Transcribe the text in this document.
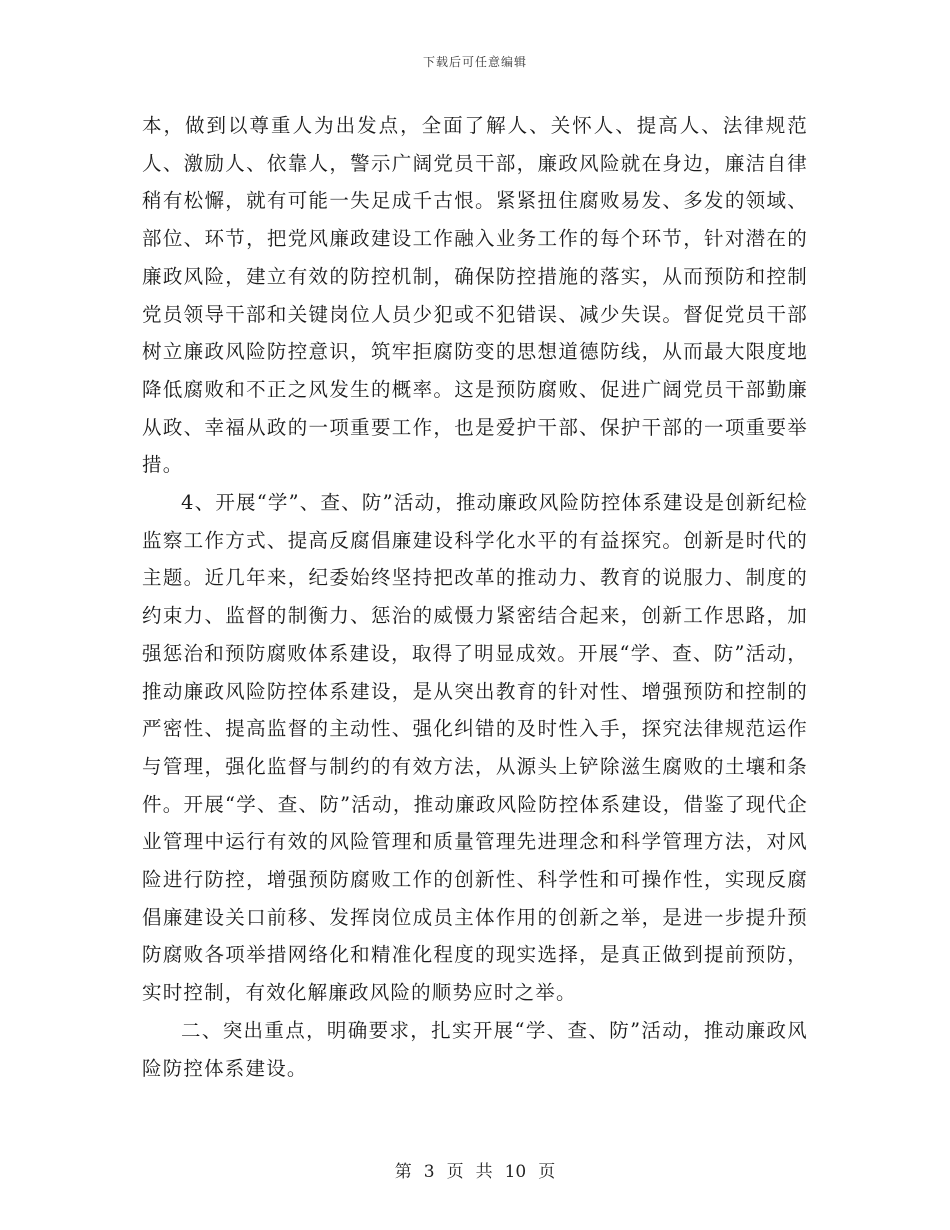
下载后可任意编辑

本，做到以尊重人为出发点，全面了解人、关怀人、提高人、法律规范人、激励人、依靠人，警示广阔党员干部，廉政风险就在身边，廉洁自律稍有松懈，就有可能一失足成千古恨。紧紧扭住腐败易发、多发的领域、部位、环节，把党风廉政建设工作融入业务工作的每个环节，针对潜在的廉政风险，建立有效的防控机制，确保防控措施的落实，从而预防和控制党员领导干部和关键岗位人员少犯或不犯错误、减少失误。督促党员干部树立廉政风险防控意识，筑牢拒腐防变的思想道德防线，从而最大限度地降低腐败和不正之风发生的概率。这是预防腐败、促进广阔党员干部勤廉从政、幸福从政的一项重要工作，也是爱护干部、保护干部的一项重要举措。

4、开展“学”、查、防”活动，推动廉政风险防控体系建设是创新纪检监察工作方式、提高反腐倡廉建设科学化水平的有益探究。创新是时代的主题。近几年来，纪委始终坚持把改革的推动力、教育的说服力、制度的约束力、监督的制衡力、惩治的威慑力紧密结合起来，创新工作思路，加强惩治和预防腐败体系建设，取得了明显成效。开展“学、查、防”活动，推动廉政风险防控体系建设，是从突出教育的针对性、增强预防和控制的严密性、提高监督的主动性、强化纠错的及时性入手，探究法律规范运作与管理，强化监督与制约的有效方法，从源头上铲除滋生腐败的土壤和条件。开展“学、查、防”活动，推动廉政风险防控体系建设，借鉴了现代企业管理中运行有效的风险管理和质量管理先进理念和科学管理方法，对风险进行防控，增强预防腐败工作的创新性、科学性和可操作性，实现反腐倡廉建设关口前移、发挥岗位成员主体作用的创新之举，是进一步提升预防腐败各项举措网络化和精准化程度的现实选择，是真正做到提前预防，实时控制，有效化解廉政风险的顺势应时之举。

二、突出重点，明确要求，扎实开展“学、查、防”活动，推动廉政风险防控体系建设。

第 3 页 共 10 页
